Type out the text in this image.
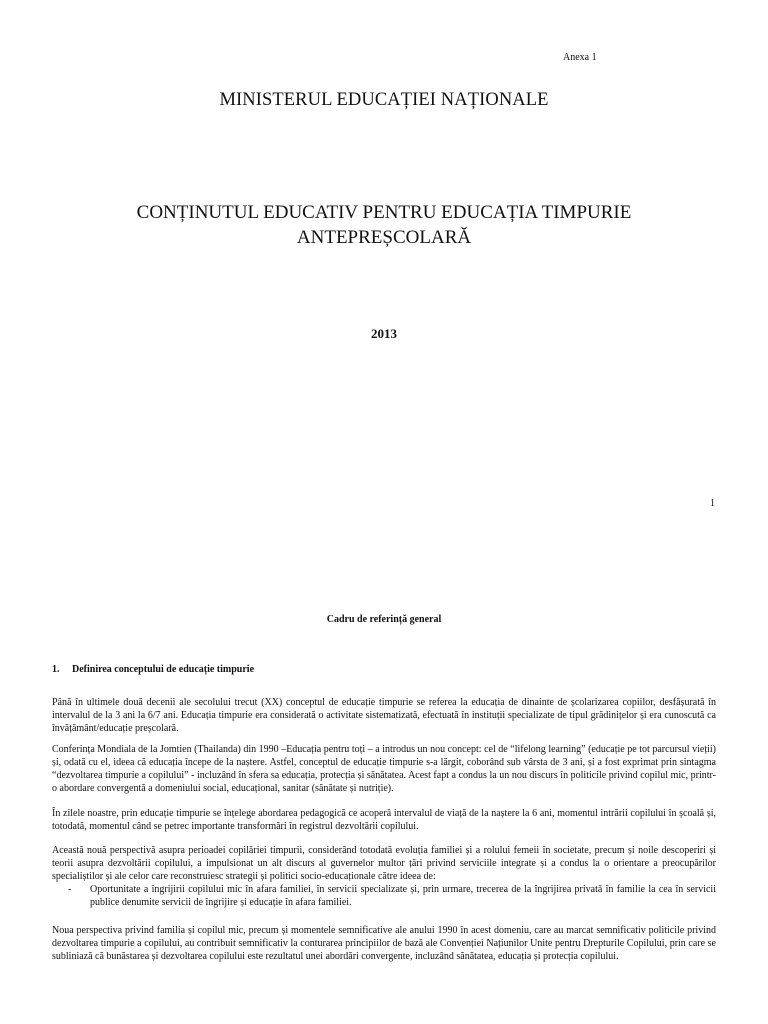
Anexa 1
MINISTERUL EDUCAȚIEI NAȚIONALE
CONȚINUTUL EDUCATIV PENTRU EDUCAȚIA TIMPURIE
ANTEPREȘCOLARĂ
2013
1
Cadru de referință general
1. Definirea conceptului de educație timpurie
Până în ultimele două decenii ale secolului trecut (XX) conceptul de educație timpurie se referea la educația de dinainte de școlarizarea copiilor, desfășurată în intervalul de la 3 ani la 6/7 ani. Educația timpurie era considerată o activitate sistematizată, efectuată în instituții specializate de tipul grădinițelor și era cunoscută ca învățământ/educație preșcolară.
Conferința Mondiala de la Jomtien (Thailanda) din 1990 –Educația pentru toți – a introdus un nou concept: cel de “lifelong learning” (educație pe tot parcursul vieții) și, odată cu el, ideea că educația începe de la naștere. Astfel, conceptul de educație timpurie s-a lărgit, coborând sub vârsta de 3 ani, și a fost exprimat prin sintagma “dezvoltarea timpurie a copilului” - incluzând în sfera sa educația, protecția și sănătatea. Acest fapt a condus la un nou discurs în politicile privind copilul mic, printr-o abordare convergentă a domeniului social, educațional, sanitar (sănătate și nutriție).
În zilele noastre, prin educație timpurie se înțelege abordarea pedagogică ce acoperă intervalul de viață de la naștere la 6 ani, momentul intrării copilului în școală și, totodată, momentul când se petrec importante transformări în registrul dezvoltării copilului.
Această nouă perspectivă asupra perioadei copilăriei timpurii, considerând totodată evoluția familiei și a rolului femeii în societate, precum și noile descoperiri și teorii asupra dezvoltării copilului, a impulsionat un alt discurs al guvernelor multor țări privind serviciile integrate și a condus la o orientare a preocupărilor specialiștilor și ale celor care reconstruiesc strategii și politici socio-educaționale către ideea de:
-	Oportunitate a îngrijirii copilului mic în afara familiei, în servicii specializate și, prin urmare, trecerea de la îngrijirea privată în familie la cea în servicii publice denumite servicii de îngrijire și educație în afara familiei.
Noua perspectiva privind familia și copilul mic, precum și momentele semnificative ale anului 1990 în acest domeniu, care au marcat semnificativ politicile privind dezvoltarea timpurie a copilului, au contribuit semnificativ la conturarea principiilor de bază ale Convenției Națiunilor Unite pentru Drepturile Copilului, prin care se subliniază că bunăstarea și dezvoltarea copilului este rezultatul unei abordări convergente, incluzând sănătatea, educația și protecția copilului.
